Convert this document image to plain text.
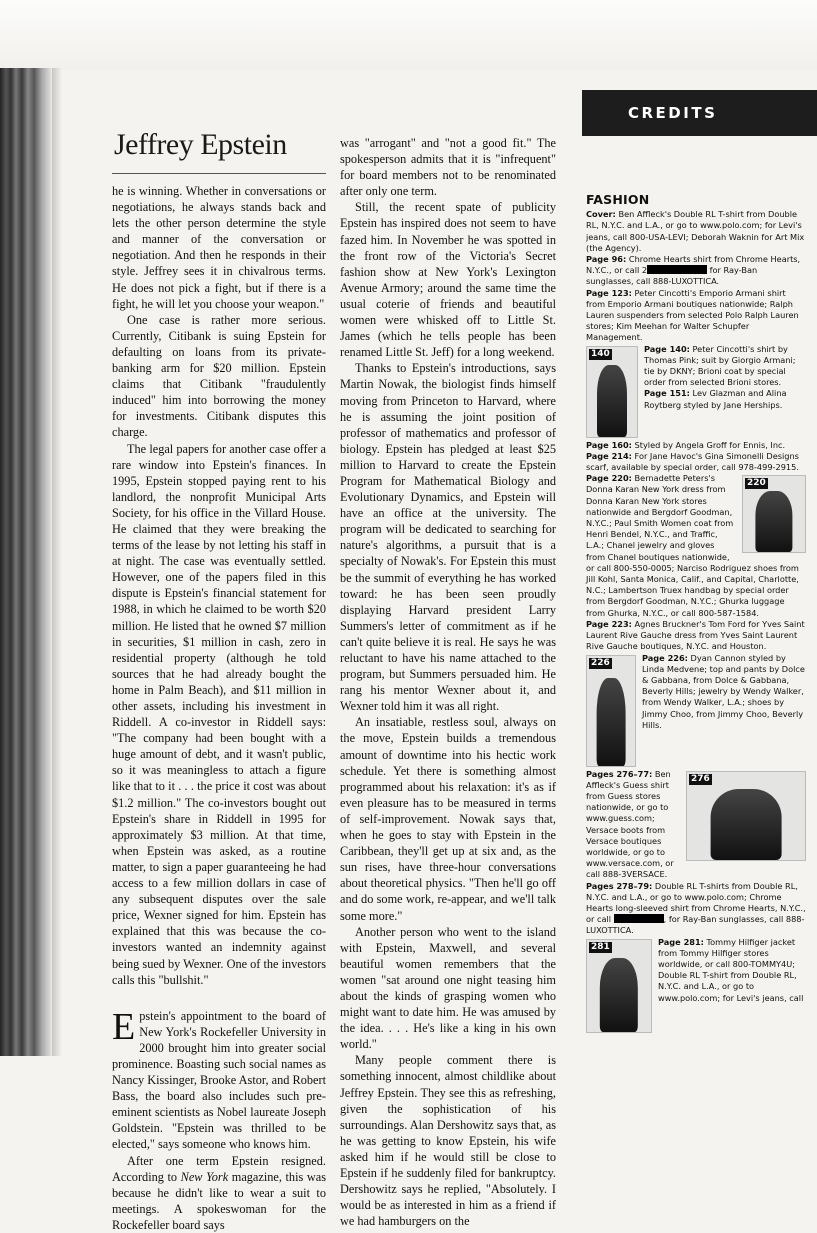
Jeffrey Epstein

he is winning. Whether in conversations or negotiations, he always stands back and lets the other person determine the style and manner of the conversation or negotiation. And then he responds in their style. Jeffrey sees it in chivalrous terms. He does not pick a fight, but if there is a fight, he will let you choose your weapon."

One case is rather more serious. Currently, Citibank is suing Epstein for defaulting on loans from its private-banking arm for $20 million. Epstein claims that Citibank "fraudulently induced" him into borrowing the money for investments. Citibank disputes this charge.

The legal papers for another case offer a rare window into Epstein's finances. In 1995, Epstein stopped paying rent to his landlord, the nonprofit Municipal Arts Society, for his office in the Villard House. He claimed that they were breaking the terms of the lease by not letting his staff in at night. The case was eventually settled. However, one of the papers filed in this dispute is Epstein's financial statement for 1988, in which he claimed to be worth $20 million. He listed that he owned $7 million in securities, $1 million in cash, zero in residential property (although he told sources that he had already bought the home in Palm Beach), and $11 million in other assets, including his investment in Riddell. A co-investor in Riddell says: "The company had been bought with a huge amount of debt, and it wasn't public, so it was meaningless to attach a figure like that to it . . . the price it cost was about $1.2 million." The co-investors bought out Epstein's share in Riddell in 1995 for approximately $3 million. At that time, when Epstein was asked, as a routine matter, to sign a paper guaranteeing he had access to a few million dollars in case of any subsequent disputes over the sale price, Wexner signed for him. Epstein has explained that this was because the co-investors wanted an indemnity against being sued by Wexner. One of the investors calls this "bullshit."

Epstein's appointment to the board of New York's Rockefeller University in 2000 brought him into greater social prominence. Boasting such social names as Nancy Kissinger, Brooke Astor, and Robert Bass, the board also includes such pre-eminent scientists as Nobel laureate Joseph Goldstein. "Epstein was thrilled to be elected," says someone who knows him.

After one term Epstein resigned. According to New York magazine, this was because he didn't like to wear a suit to meetings. A spokeswoman for the Rockefeller board says

was "arrogant" and "not a good fit." The spokesperson admits that it is "infrequent" for board members not to be renominated after only one term.

Still, the recent spate of publicity Epstein has inspired does not seem to have fazed him. In November he was spotted in the front row of the Victoria's Secret fashion show at New York's Lexington Avenue Armory; around the same time the usual coterie of friends and beautiful women were whisked off to Little St. James (which he tells people has been renamed Little St. Jeff) for a long weekend.

Thanks to Epstein's introductions, says Martin Nowak, the biologist finds himself moving from Princeton to Harvard, where he is assuming the joint position of professor of mathematics and professor of biology. Epstein has pledged at least $25 million to Harvard to create the Epstein Program for Mathematical Biology and Evolutionary Dynamics, and Epstein will have an office at the university. The program will be dedicated to searching for nature's algorithms, a pursuit that is a specialty of Nowak's. For Epstein this must be the summit of everything he has worked toward: he has been seen proudly displaying Harvard president Larry Summers's letter of commitment as if he can't quite believe it is real. He says he was reluctant to have his name attached to the program, but Summers persuaded him. He rang his mentor Wexner about it, and Wexner told him it was all right.

An insatiable, restless soul, always on the move, Epstein builds a tremendous amount of downtime into his hectic work schedule. Yet there is something almost programmed about his relaxation: it's as if even pleasure has to be measured in terms of self-improvement. Nowak says that, when he goes to stay with Epstein in the Caribbean, they'll get up at six and, as the sun rises, have three-hour conversations about theoretical physics. "Then he'll go off and do some work, re-appear, and we'll talk some more."

Another person who went to the island with Epstein, Maxwell, and several beautiful women remembers that the women "sat around one night teasing him about the kinds of grasping women who might want to date him. He was amused by the idea. . . . He's like a king in his own world."

Many people comment there is something innocent, almost childlike about Jeffrey Epstein. They see this as refreshing, given the sophistication of his surroundings. Alan Dershowitz says that, as he was getting to know Epstein, his wife asked him if he would still be close to Epstein if he suddenly filed for bankruptcy. Dershowitz says he replied, "Absolutely. I would be as interested in him as a friend if we had hamburgers on the

CREDITS
FASHION

Cover: Ben Affleck's Double RL T-shirt from Double RL, N.Y.C. and L.A., or go to www.polo.com; for Levi's jeans, call 800-USA-LEVI; Deborah Waknin for Art Mix (the Agency).

Page 96: Chrome Hearts shirt from Chrome Hearts, N.Y.C., or call 2	for Ray-Ban sunglasses, call 888-LUXOTTICA.

Page 123: Peter Cincotti's Emporio Armani shirt from Emporio Armani boutiques nationwide; Ralph Lauren suspenders from selected Polo Ralph Lauren stores; Kim Meehan for Walter Schupfer Management.

140	Page 140: Peter Cincotti's shirt by Thomas Pink; suit by Giorgio Armani; tie by DKNY; Brioni coat by special order from selected Brioni stores.

Page 151: Lev Glazman and Alina Roytberg styled by Jane Herships.

Page 160: Styled by Angela Groff for Ennis, Inc.

Page 214: For Jane Havoc's Gina Simonelli Designs scarf, available by special order, call 978-499-2915.

220

Page 220: Bernadette Peters's Donna Karan New York dress from Donna Karan New York stores nationwide and Bergdorf Goodman, N.Y.C.; Paul Smith Women coat from Henri Bendel, N.Y.C., and Traffic, L.A.; Chanel jewelry and gloves from Chanel boutiques nationwide, or call 800-550-0005; Narciso Rodriguez shoes from Jill Kohl, Santa Monica, Calif., and Capital, Charlotte, N.C.; Lambertson Truex handbag by special order from Bergdorf Goodman, N.Y.C.; Ghurka luggage from Ghurka, N.Y.C., or call 800-587-1584.

Page 223: Agnes Bruckner's Tom Ford for Yves Saint Laurent Rive Gauche dress from Yves Saint Laurent Rive Gauche boutiques, N.Y.C. and Houston.

226	Page 226: Dyan Cannon styled by Linda Medvene; top and pants by Dolce & Gabbana, from Dolce & Gabbana, Beverly Hills; jewelry by Wendy Walker, from Wendy Walker, L.A.; shoes by Jimmy Choo, from Jimmy Choo, Beverly Hills.

276

Pages 276–77: Ben Affleck's Guess shirt from Guess stores nationwide, or go to www.guess.com; Versace boots from Versace boutiques worldwide, or go to www.versace.com, or call 888-3VERSACE.

Pages 278–79: Double RL T-shirts from Double RL, N.Y.C. and L.A., or go to www.polo.com; Chrome Hearts long-sleeved shirt from Chrome Hearts, N.Y.C., or call	, for Ray-Ban sunglasses, call 888-LUXOTTICA.

281	Page 281: Tommy Hilfiger jacket from Tommy Hilfiger stores worldwide, or call 800-TOMMY4U; Double RL T-shirt from Double RL, N.Y.C. and L.A., or go to www.polo.com; for Levi's jeans, call
